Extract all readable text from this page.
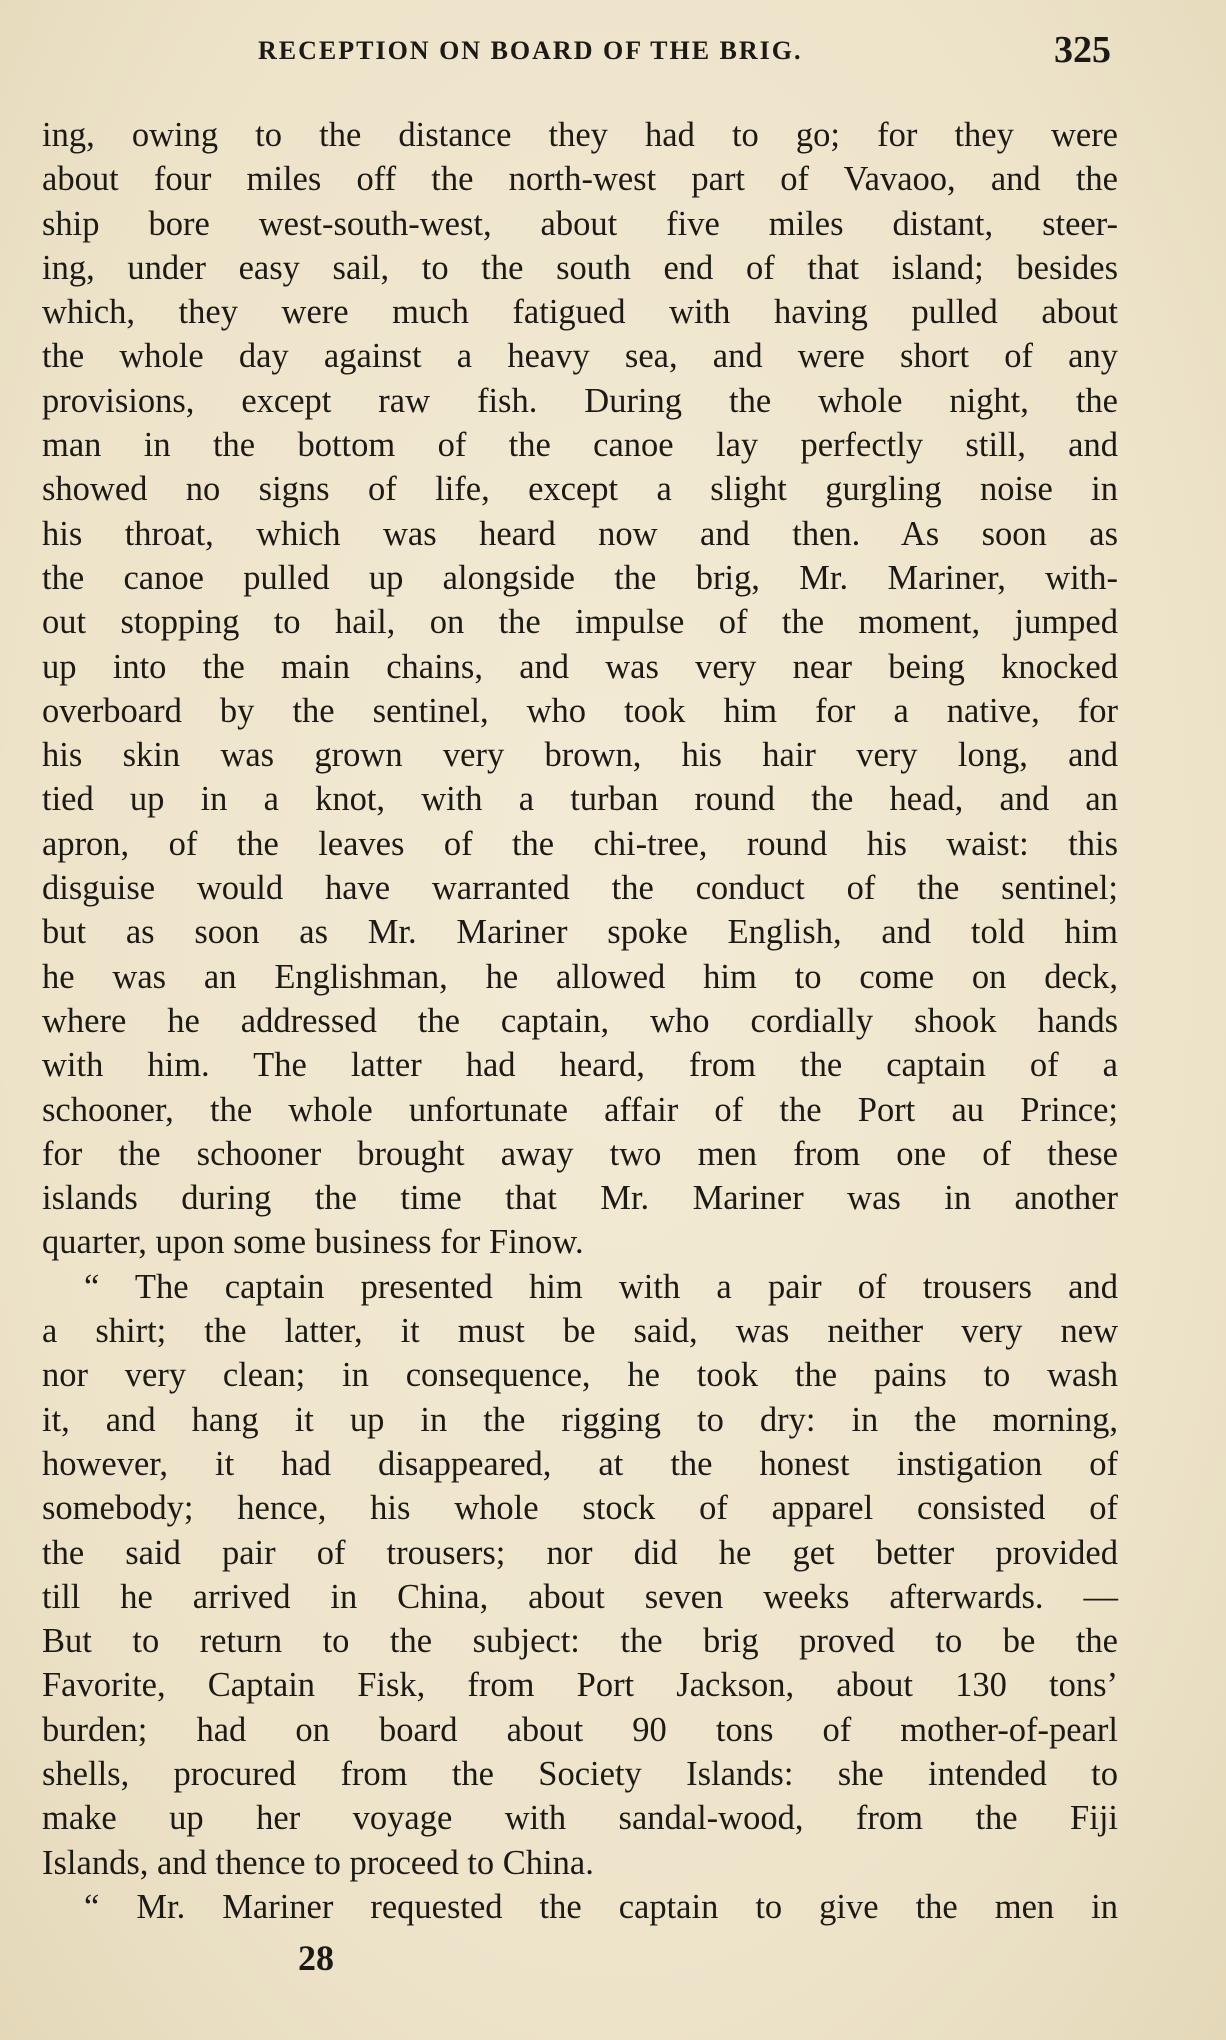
RECEPTION ON BOARD OF THE BRIG.	325
ing, owing to the distance they had to go; for they were
about four miles off the north-west part of Vavaoo, and the
ship bore west-south-west, about five miles distant, steer-
ing, under easy sail, to the south end of that island; besides
which, they were much fatigued with having pulled about
the whole day against a heavy sea, and were short of any
provisions, except raw fish. During the whole night, the
man in the bottom of the canoe lay perfectly still, and
showed no signs of life, except a slight gurgling noise in
his throat, which was heard now and then. As soon as
the canoe pulled up alongside the brig, Mr. Mariner, with-
out stopping to hail, on the impulse of the moment, jumped
up into the main chains, and was very near being knocked
overboard by the sentinel, who took him for a native, for
his skin was grown very brown, his hair very long, and
tied up in a knot, with a turban round the head, and an
apron, of the leaves of the chi-tree, round his waist: this
disguise would have warranted the conduct of the sentinel;
but as soon as Mr. Mariner spoke English, and told him
he was an Englishman, he allowed him to come on deck,
where he addressed the captain, who cordially shook hands
with him. The latter had heard, from the captain of a
schooner, the whole unfortunate affair of the Port au Prince;
for the schooner brought away two men from one of these
islands during the time that Mr. Mariner was in another
quarter, upon some business for Finow.
“ The captain presented him with a pair of trousers and
a shirt; the latter, it must be said, was neither very new
nor very clean; in consequence, he took the pains to wash
it, and hang it up in the rigging to dry: in the morning,
however, it had disappeared, at the honest instigation of
somebody; hence, his whole stock of apparel consisted of
the said pair of trousers; nor did he get better provided
till he arrived in China, about seven weeks afterwards. —
But to return to the subject: the brig proved to be the
Favorite, Captain Fisk, from Port Jackson, about 130 tons’
burden; had on board about 90 tons of mother-of-pearl
shells, procured from the Society Islands: she intended to
make up her voyage with sandal-wood, from the Fiji
Islands, and thence to proceed to China.
“ Mr. Mariner requested the captain to give the men in
28
